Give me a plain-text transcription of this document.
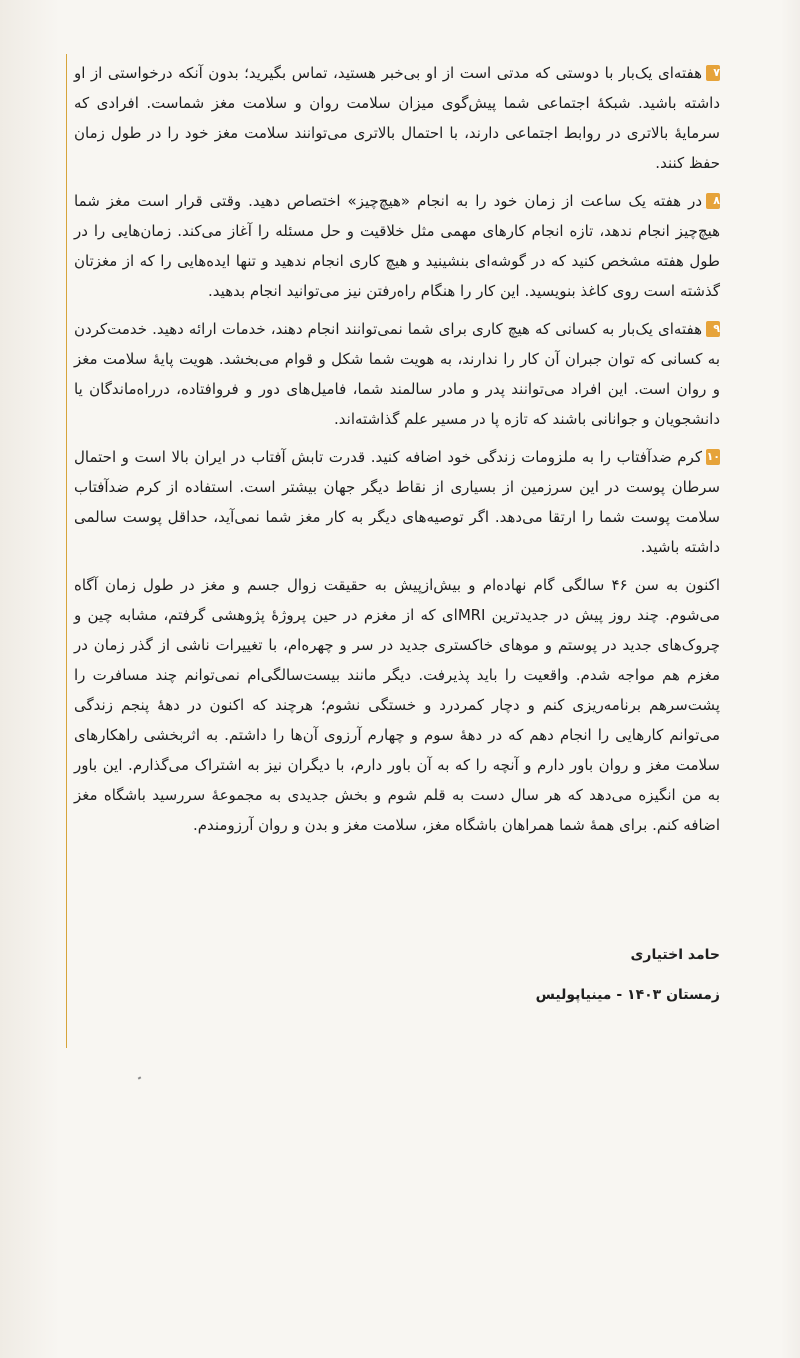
۷هفته‌ای یک‌بار با دوستی که مدتی است از او بی‌خبر هستید، تماس بگیرید؛ بدون آنکه درخواستی از او داشته باشید. شبکهٔ اجتماعی شما پیش‌گوی میزان سلامت روان و سلامت مغز شماست. افرادی که سرمایهٔ بالاتری در روابط اجتماعی دارند، با احتمال بالاتری می‌توانند سلامت مغز خود را در طول زمان حفظ کنند.

۸در هفته یک ساعت از زمان خود را به انجام «هیچ‌چیز» اختصاص دهید. وقتی قرار است مغز شما هیچ‌چیز انجام ندهد، تازه انجام کارهای مهمی مثل خلاقیت و حل مسئله را آغاز می‌کند. زمان‌هایی را در طول هفته مشخص کنید که در گوشه‌ای بنشینید و هیچ کاری انجام ندهید و تنها ایده‌هایی را که از مغزتان گذشته است روی کاغذ بنویسید. این کار را هنگام راه‌رفتن نیز می‌توانید انجام بدهید.

۹هفته‌ای یک‌بار به کسانی که هیچ کاری برای شما نمی‌توانند انجام دهند، خدمات ارائه دهید. خدمت‌کردن به کسانی که توان جبران آن کار را ندارند، به هویت شما شکل و قوام می‌بخشد. هویت پایهٔ سلامت مغز و روان است. این افراد می‌توانند پدر و مادر سالمند شما، فامیل‌های دور و فروافتاده، درراه‌ماندگان یا دانشجویان و جوانانی باشند که تازه پا در مسیر علم گذاشته‌اند.

۱۰کرم ضدآفتاب را به ملزومات زندگی خود اضافه کنید. قدرت تابش آفتاب در ایران بالا است و احتمال سرطان پوست در این سرزمین از بسیاری از نقاط دیگر جهان بیشتر است. استفاده از کرم ضدآفتاب سلامت پوست شما را ارتقا می‌دهد. اگر توصیه‌های دیگر به کار مغز شما نمی‌آید، حداقل پوست سالمی داشته باشید.

اکنون به سن ۴۶ سالگی گام نهاده‌ام و بیش‌ازپیش به حقیقت زوال جسم و مغز در طول زمان آگاه می‌شوم. چند روز پیش در جدیدترین MRIای که از مغزم در حین پروژهٔ پژوهشی گرفتم، مشابه چین و چروک‌های جدید در پوستم و موهای خاکستری جدید در سر و چهره‌ام، با تغییرات ناشی از گذر زمان در مغزم هم مواجه شدم. واقعیت را باید پذیرفت. دیگر مانند بیست‌سالگی‌ام نمی‌توانم چند مسافرت را پشت‌سرهم برنامه‌ریزی کنم و دچار کمردرد و خستگی نشوم؛ هرچند که اکنون در دههٔ پنجم زندگی می‌توانم کارهایی را انجام دهم که در دههٔ سوم و چهارم آرزوی آن‌ها را داشتم. به اثربخشی راهکارهای سلامت مغز و روان باور دارم و آنچه را که به آن باور دارم، با دیگران نیز به اشتراک می‌گذارم. این باور به من انگیزه می‌دهد که هر سال دست به قلم شوم و بخش جدیدی به مجموعهٔ سررسید باشگاه مغز اضافه کنم. برای همهٔ شما همراهان باشگاه مغز، سلامت مغز و بدن و روان آرزومندم.

حامد اختیاری
زمستان ۱۴۰۳ - مینیاپولیس
